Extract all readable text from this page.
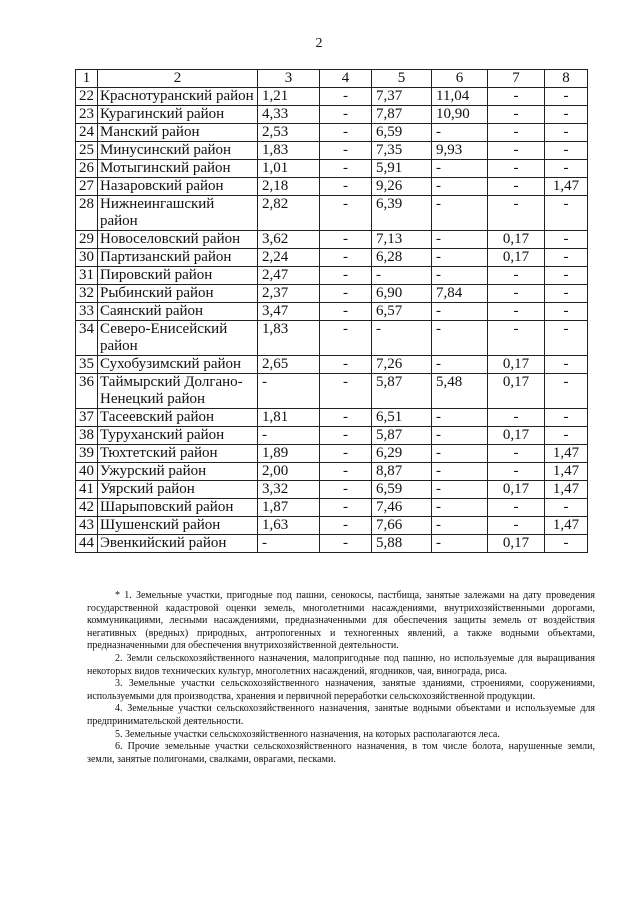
2
1	2	3	4	5	6	7	8
22	Краснотуранский район	1,21	-	7,37	11,04	-	-
23	Курагинский район	4,33	-	7,87	10,90	-	-
24	Манский район	2,53	-	6,59	-	-	-
25	Минусинский район	1,83	-	7,35	9,93	-	-
26	Мотыгинский район	1,01	-	5,91	-	-	-
27	Назаровский район	2,18	-	9,26	-	-	1,47
28	Нижнеингашский район	2,82	-	6,39	-	-	-
29	Новоселовский район	3,62	-	7,13	-	0,17	-
30	Партизанский район	2,24	-	6,28	-	0,17	-
31	Пировский район	2,47	-	-	-	-	-
32	Рыбинский район	2,37	-	6,90	7,84	-	-
33	Саянский район	3,47	-	6,57	-	-	-
34	Северо-Енисейский район	1,83	-	-	-	-	-
35	Сухобузимский район	2,65	-	7,26	-	0,17	-
36	Таймырский Долгано-Ненецкий район	-	-	5,87	5,48	0,17	-
37	Тасеевский район	1,81	-	6,51	-	-	-
38	Туруханский район	-	-	5,87	-	0,17	-
39	Тюхтетский район	1,89	-	6,29	-	-	1,47
40	Ужурский район	2,00	-	8,87	-	-	1,47
41	Уярский район	3,32	-	6,59	-	0,17	1,47
42	Шарыповский район	1,87	-	7,46	-	-	-
43	Шушенский район	1,63	-	7,66	-	-	1,47
44	Эвенкийский район	-	-	5,88	-	0,17	-

* 1. Земельные участки, пригодные под пашни, сенокосы, пастбища, занятые залежами на дату проведения государственной кадастровой оценки земель, многолетними насаждениями, внутрихозяйственными дорогами, коммуникациями, лесными насаждениями, предназначенными для обеспечения защиты земель от воздействия негативных (вредных) природных, антропогенных и техногенных явлений, а также водными объектами, предназначенными для обеспечения внутрихозяйственной деятельности.

2. Земли сельскохозяйственного назначения, малопригодные под пашню, но используемые для выращивания некоторых видов технических культур, многолетних насаждений, ягодников, чая, винограда, риса.

3. Земельные участки сельскохозяйственного назначения, занятые зданиями, строениями, сооружениями, используемыми для производства, хранения и первичной переработки сельскохозяйственной продукции.

4. Земельные участки сельскохозяйственного назначения, занятые водными объектами и используемые для предпринимательской деятельности.

5. Земельные участки сельскохозяйственного назначения, на которых располагаются леса.

6. Прочие земельные участки сельскохозяйственного назначения, в том числе болота, нарушенные земли, земли, занятые полигонами, свалками, оврагами, песками.
